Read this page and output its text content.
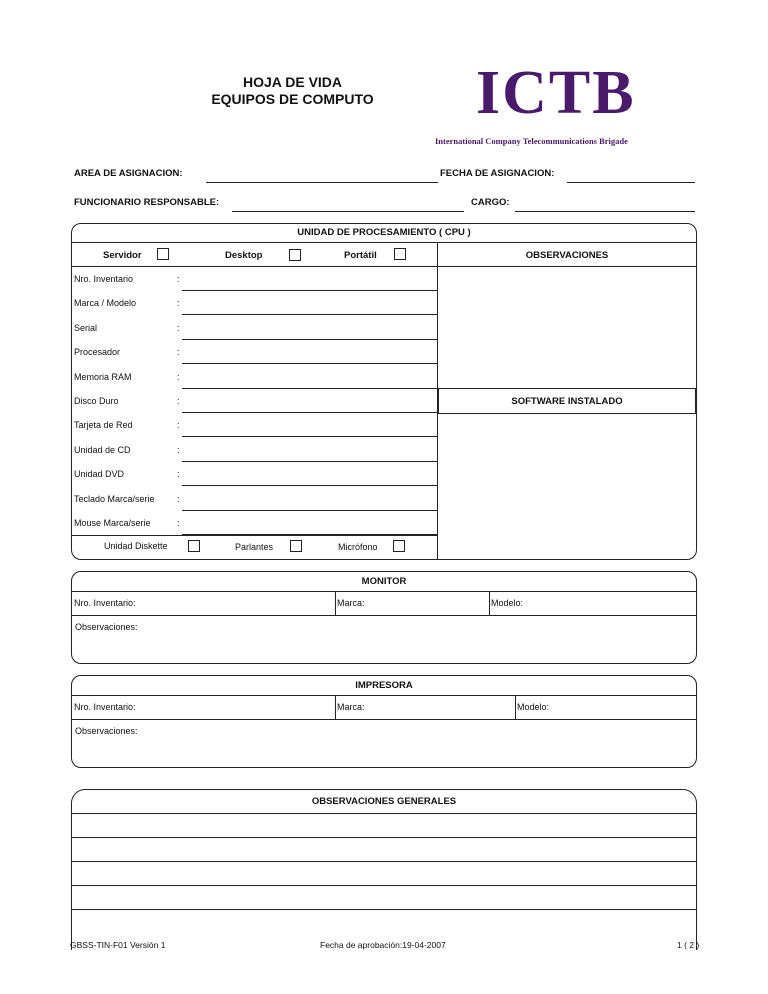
HOJA DE VIDA
EQUIPOS DE COMPUTO	ICTB
International Company Telecommunications Brigade
AREA DE ASIGNACION:	FECHA DE ASIGNACION:
FUNCIONARIO RESPONSABLE:	CARGO:
UNIDAD DE PROCESAMIENTO ( CPU )
Servidor	Desktop	Portátil	OBSERVACIONES
SOFTWARE INSTALADO
Nro. Inventario	:
Marca / Modelo	:
Serial	:
Procesador	:
Memoria RAM	:
Disco Duro	:
Tarjeta de Red	:
Unidad de CD	:
Unidad DVD	:
Teclado Marca/serie :
Mouse Marca/serie	:
Unidad Diskette	Parlantes	Micrófono
MONITOR
Nro. Inventario:	Marca:	Modelo:
Observaciones:
IMPRESORA
Nro. Inventario:	Marca:	Modelo:
Observaciones:
OBSERVACIONES GENERALES
GBSS-TIN-F01 Versión 1	Fecha de aprobación:19-04-2007	1 ( 2 )
